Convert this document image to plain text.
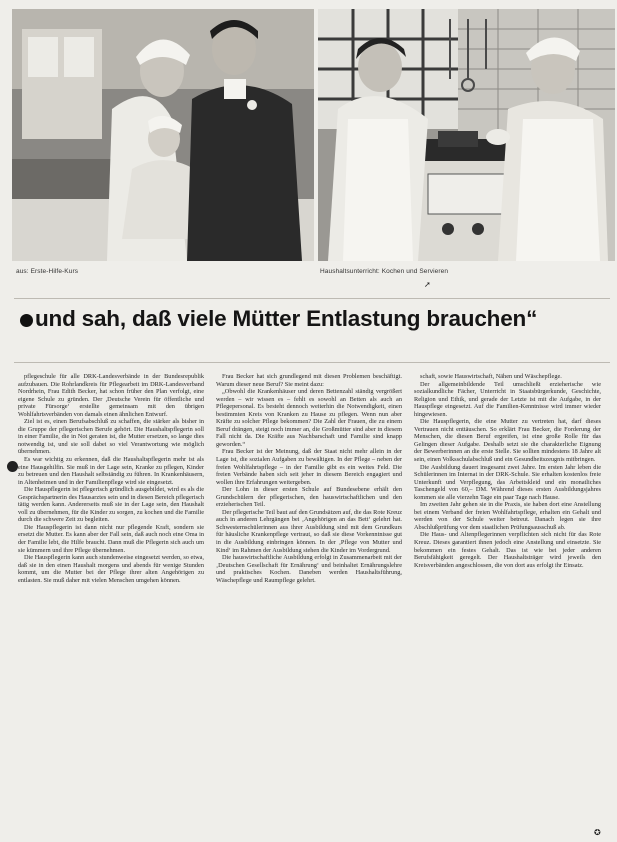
aus: Erste-Hilfe-Kurs	Haushaltsunterricht: Kochen und Servieren
➚
und sah, daß viele Mütter Entlastung brauchen“

pflegeschule für alle DRK-Landesverbände in der Bundesrepublik aufzubauen. Die Rohrlandkreis für Pflegearbeit im DRK-Landesverband Nordrhein, Frau Edith Becker, hat schon früher den Plan verfolgt, eine eigene Schule zu gründen. Der ,Deutsche Verein für öffentliche und private Fürsorge‘ erstellte gemeinsam mit den übrigen Wohlfahrtsverbänden von damals einen ähnlichen Entwurf.

Ziel ist es, einen Berufsabschluß zu schaffen, die stärker als bisher in die Gruppe der pflegerischen Berufe gehört. Die Haushaltspflegerin soll in einer Familie, die in Not geraten ist, die Mutter ersetzen, so lange dies notwendig ist, und sie soll dabei so viel Verantwortung wie möglich übernehmen.

Es war wichtig zu erkennen, daß die Haushaltspflegerin mehr ist als eine Hausgehilfin. Sie muß in der Lage sein, Kranke zu pflegen, Kinder zu betreuen und den Haushalt selbständig zu führen. In Krankenhäusern, in Altenheimen und in der Familienpflege wird sie eingesetzt.

Die Hauspflegerin ist pflegerisch gründlich ausgebildet, wird es als die Gesprächspartnerin des Hausarztes sein und in diesen Bereich pflegerisch tätig werden kann. Andererseits muß sie in der Lage sein, den Haushalt voll zu übernehmen, für die Kinder zu sorgen, zu kochen und die Familie durch die schwere Zeit zu begleiten.

Die Hauspflegerin ist dann nicht nur pflegende Kraft, sondern sie ersetzt die Mutter. Es kann aber der Fall sein, daß auch noch eine Oma in der Familie lebt, die Hilfe braucht. Dann muß die Pflegerin sich auch um sie kümmern und ihre Pflege übernehmen.

Die Hauspflegerin kann auch stundenweise eingesetzt werden, so etwa, daß sie in den einen Haushalt morgens und abends für wenige Stunden kommt, um die Mutter bei der Pflege ihrer alten Angehörigen zu entlasten. Sie muß daher mit vielen Menschen umgehen können.

Frau Becker hat sich grundlegend mit diesen Problemen beschäftigt. Warum dieser neue Beruf? Sie meint dazu:

„Obwohl die Krankenhäuser und deren Bettenzahl ständig vergrößert werden – wir wissen es – fehlt es sowohl an Betten als auch an Pflegepersonal. Es besteht dennoch weiterhin die Notwendigkeit, einen bestimmten Kreis von Kranken zu Hause zu pflegen. Wenn nun aber Kräfte zu solcher Pflege bekommen? Die Zahl der Frauen, die zu einem Beruf drängen, steigt noch immer an, die Großmütter sind aber in diesem Fall nicht da. Die Kräfte aus Nachbarschaft und Familie sind knapp geworden.“

Frau Becker ist der Meinung, daß der Staat nicht mehr allein in der Lage ist, die sozialen Aufgaben zu bewältigen. In der Pflege – neben der freien Wohlfahrtspflege – in der Familie gibt es ein weites Feld. Die freien Verbände haben sich seit jeher in diesem Bereich engagiert und wollen ihre Erfahrungen weitergeben.

Der Lohn in dieser ersten Schule auf Bundesebene erhält den Grundschülern der pflegerischen, den hauswirtschaftlichen und den erzieherischen Teil.

Der pflegerische Teil baut auf den Grundsätzen auf, die das Rote Kreuz auch in anderen Lehrgängen bei ‚Angehörigen an das Bett‘ gelehrt hat. Schwesternschülerinnen aus ihrer Ausbildung sind mit dem Grundkurs für häusliche Krankenpflege vertraut, so daß sie diese Vorkenntnisse gut in die Ausbildung einbringen können. In der ‚Pflege von Mutter und Kind‘ im Rahmen der Ausbildung stehen die Kinder im Vordergrund.

Die hauswirtschaftliche Ausbildung erfolgt in Zusammenarbeit mit der ‚Deutschen Gesellschaft für Ernährung‘ und beinhaltet Ernährungslehre und praktisches Kochen. Daneben werden Haushaltsführung, Wäschepflege und Raumpflege gelehrt.

schaft, sowie Hauswirtschaft, Nähen und Wäschepflege.

Der allgemeinbildende Teil umschließt erzieherische wie sozialkundliche Fächer, Unterricht in Staatsbürgerkunde, Geschichte, Religion und Ethik, und gerade der Letzte ist mit die Aufgabe, in der Hauspflege eingesetzt. Auf die Familien-Kenntnisse wird immer wieder hingewiesen.

Die Hauspflegerin, die eine Mutter zu vertreten hat, darf dieses Vertrauen nicht enttäuschen. So erklärt Frau Becker, die Forderung der Menschen, die diesen Beruf ergreifen, ist eine große Rolle für das Gelingen dieser Aufgabe. Deshalb setzt sie die charakterliche Eignung der Bewerberinnen an die erste Stelle. Sie sollten mindestens 18 Jahre alt sein, einen Volksschulabschluß und ein Gesundheitszeugnis mitbringen.

Die Ausbildung dauert insgesamt zwei Jahre. Im ersten Jahr leben die Schülerinnen im Internat in der DRK-Schule. Sie erhalten kostenlos freie Unterkunft und Verpflegung, das Arbeitskleid und ein monatliches Taschengeld von 60,– DM. Während dieses ersten Ausbildungsjahres kommen sie alle vierzehn Tage ein paar Tage nach Hause.

Im zweiten Jahr gehen sie in die Praxis, sie haben dort eine Anstellung bei einem Verband der freien Wohlfahrtspflege, erhalten ein Gehalt und werden von der Schule weiter betreut. Danach legen sie ihre Abschlußprüfung vor dem staatlichen Prüfungsausschuß ab.

Die Haus- und Altenpflegerinnen verpflichten sich nicht für das Rote Kreuz. Dieses garantiert ihnen jedoch eine Anstellung und einsetzte. Sie bekommen ein festes Gehalt. Das ist wie bei jeder anderen Berufsfähigkeit geregelt. Der Haushaltsträger wird jeweils den Kreisverbänden angeschlossen, die von dort aus erfolgt ihr Einsatz.

✪
